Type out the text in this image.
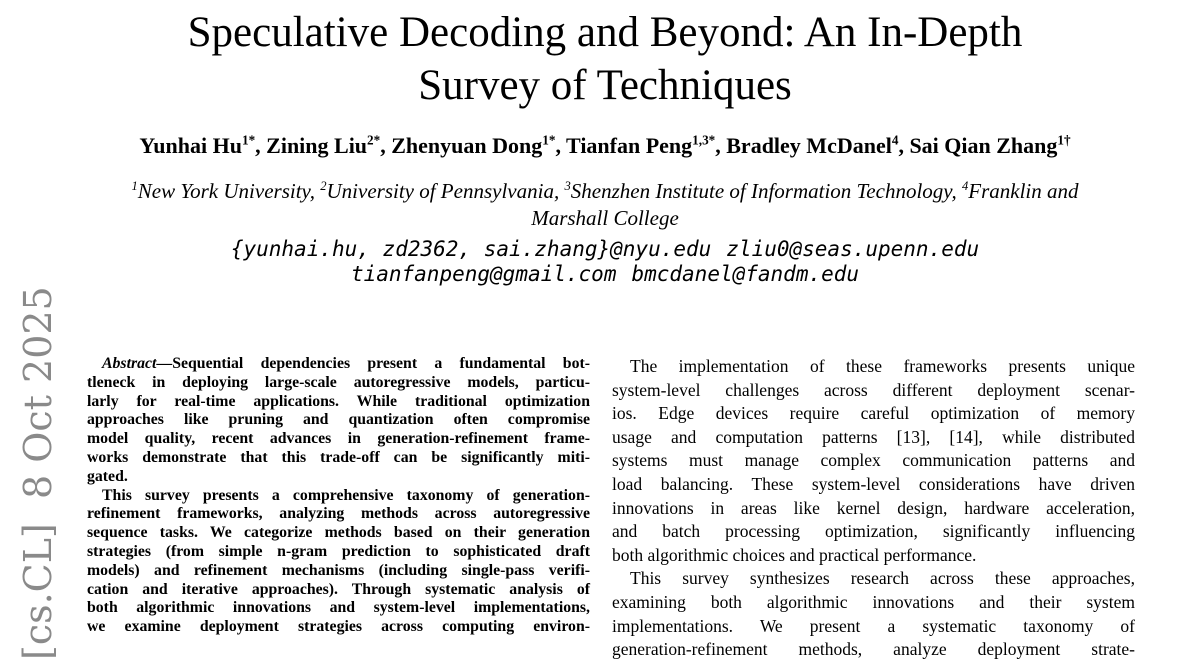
[cs.CL]  8 Oct 2025
Speculative Decoding and Beyond: An In-Depth
Survey of Techniques
Yunhai $Hu^{1*}$, Zining Liu$^{2*}$, Zhenyuan Dong$^{1*}$, Tianfan Peng$^{1,3*}$, Bradley McDanel$^4$, Sai Qian Zhang$^{1\dagger}$
$^1$New York University, $^2$University of Pennsylvania, $^3$Shenzhen Institute of Information Technology, $^4$Franklin and
Marshall College
{yunhai.hu, zd2362, sai.zhang}@nyu.edu zliu0@seas.upenn.edu
tianfanpeng@gmail.com bmcdanel@fandm.edu
Abstract—Sequential dependencies present a fundamental bot-
tleneck in deploying large-scale autoregressive models, particu-
larly for real-time applications. While traditional optimization
approaches like pruning and quantization often compromise
model quality, recent advances in generation-refinement frame-
works demonstrate that this trade-off can be significantly miti-
gated.
This survey presents a comprehensive taxonomy of generation-
refinement frameworks, analyzing methods across autoregressive
sequence tasks. We categorize methods based on their generation
strategies (from simple n-gram prediction to sophisticated draft
models) and refinement mechanisms (including single-pass verifi-
cation and iterative approaches). Through systematic analysis of
both algorithmic innovations and system-level implementations,
we examine deployment strategies across computing environ-
The implementation of these frameworks presents unique
system-level challenges across different deployment scenar-
ios. Edge devices require careful optimization of memory
usage and computation patterns [13], [14], while distributed
systems must manage complex communication patterns and
load balancing. These system-level considerations have driven
innovations in areas like kernel design, hardware acceleration,
and batch processing optimization, significantly influencing
both algorithmic choices and practical performance.
This survey synthesizes research across these approaches,
examining both algorithmic innovations and their system
implementations. We present a systematic taxonomy of
generation-refinement methods, analyze deployment strate-
